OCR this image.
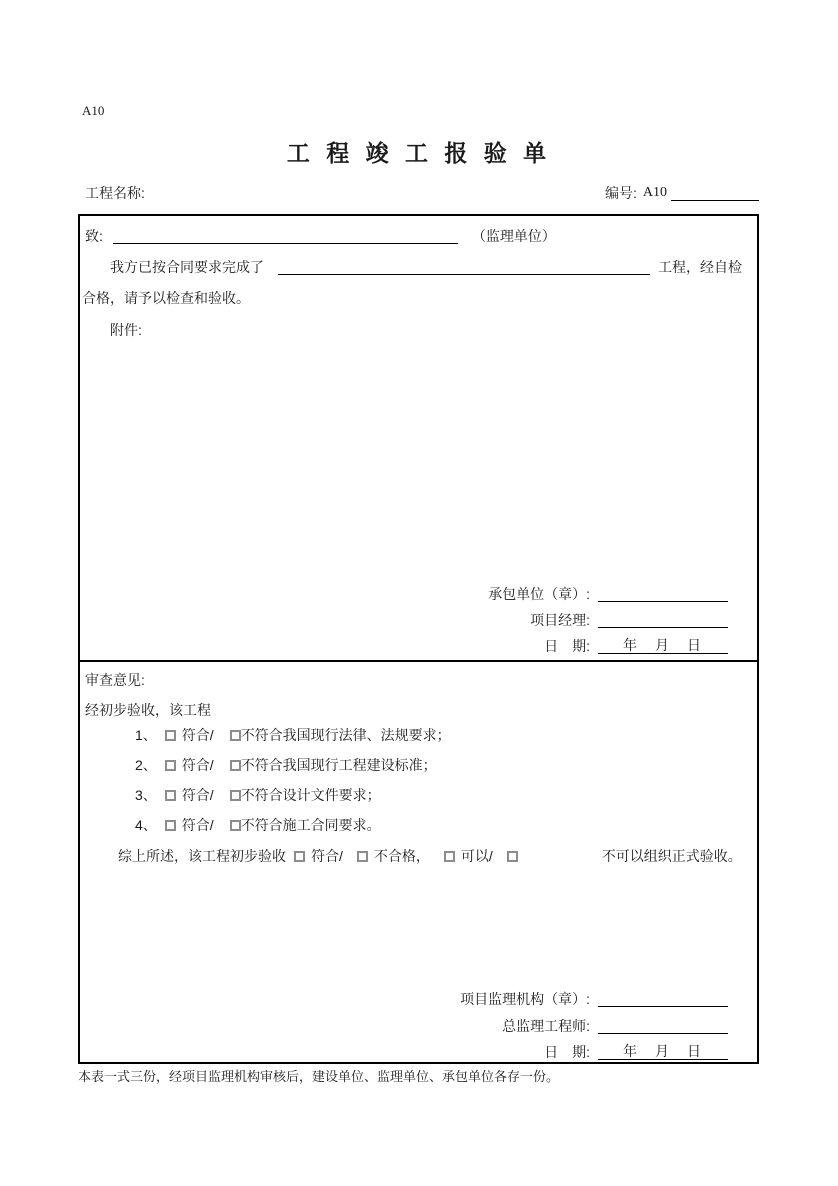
A10
工 程 竣 工 报 验 单
工程名称:	编号: A10
致:	（监理单位）
我方已按合同要求完成了	工程，经自检
合格，请予以检查和验收。
附件:
承包单位（章）:
项目经理:
日　期:	年　月　日
审查意见:
经初步验收，该工程
1、 符合/ 不符合我国现行法律、法规要求；
2、 符合/ 不符合我国现行工程建设标准；
3、 符合/ 不符合设计文件要求；
4、 符合/ 不符合施工合同要求。
综上所述，该工程初步验收 符合/ 不合格， 可以/	不可以组织正式验收。
项目监理机构（章）:
总监理工程师:
日　期:	年　月　日
本表一式三份，经项目监理机构审核后，建设单位、监理单位、承包单位各存一份。
